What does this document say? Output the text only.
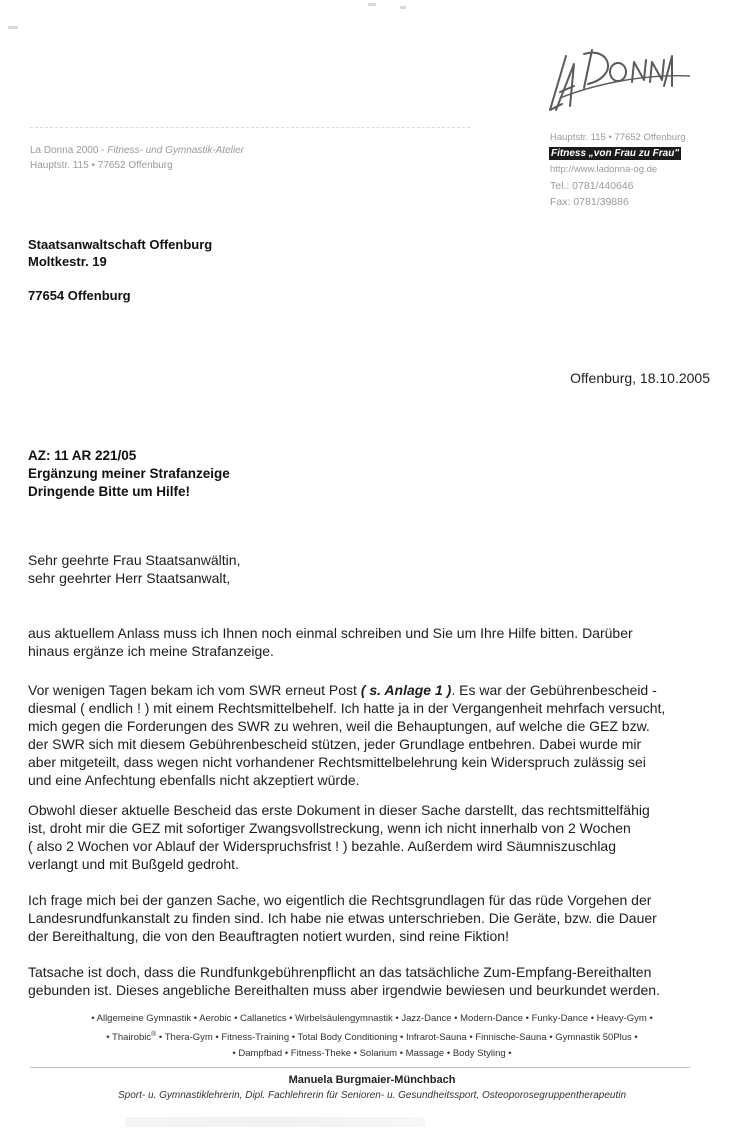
La Donna 2000 - Fitness- und Gymnastik-Atelier
Hauptstr. 115 • 77652 Offenburg
Hauptstr. 115 • 77652 Offenburg
Fitness „von Frau zu Frau"
http://www.ladonna-og.de
Tel.: 0781/440646
Fax: 0781/39886
Staatsanwaltschaft Offenburg
Moltkestr. 19
77654 Offenburg
Offenburg, 18.10.2005
AZ: 11 AR 221/05
Ergänzung meiner Strafanzeige
Dringende Bitte um Hilfe!
Sehr geehrte Frau Staatsanwältin,
sehr geehrter Herr Staatsanwalt,
aus aktuellem Anlass muss ich Ihnen noch einmal schreiben und Sie um Ihre Hilfe bitten. Darüber
hinaus ergänze ich meine Strafanzeige.
Vor wenigen Tagen bekam ich vom SWR erneut Post ( s. Anlage 1 ). Es war der Gebührenbescheid -
diesmal ( endlich ! ) mit einem Rechtsmittelbehelf. Ich hatte ja in der Vergangenheit mehrfach versucht,
mich gegen die Forderungen des SWR zu wehren, weil die Behauptungen, auf welche die GEZ bzw.
der SWR sich mit diesem Gebührenbescheid stützen, jeder Grundlage entbehren. Dabei wurde mir
aber mitgeteilt, dass wegen nicht vorhandener Rechtsmittelbelehrung kein Widerspruch zulässig sei
und eine Anfechtung ebenfalls nicht akzeptiert würde.
Obwohl dieser aktuelle Bescheid das erste Dokument in dieser Sache darstellt, das rechtsmittelfähig
ist, droht mir die GEZ mit sofortiger Zwangsvollstreckung, wenn ich nicht innerhalb von 2 Wochen
( also 2 Wochen vor Ablauf der Widerspruchsfrist ! ) bezahle. Außerdem wird Säumniszuschlag
verlangt und mit Bußgeld gedroht.
Ich frage mich bei der ganzen Sache, wo eigentlich die Rechtsgrundlagen für das rüde Vorgehen der
Landesrundfunkanstalt zu finden sind. Ich habe nie etwas unterschrieben. Die Geräte, bzw. die Dauer
der Bereithaltung, die von den Beauftragten notiert wurden, sind reine Fiktion!
Tatsache ist doch, dass die Rundfunkgebührenpflicht an das tatsächliche Zum-Empfang-Bereithalten
gebunden ist. Dieses angebliche Bereithalten muss aber irgendwie bewiesen und beurkundet werden.
• Allgemeine Gymnastik • Aerobic • Callanetics • Wirbelsäulengymnastik • Jazz-Dance • Modern-Dance • Funky-Dance • Heavy-Gym •
• Thairobic® • Thera-Gym • Fitness-Training • Total Body Conditioning • Infrarot-Sauna • Finnische-Sauna • Gymnastik 50Plus •
• Dampfbad • Fitness-Theke • Solarium • Massage • Body Styling •
Manuela Burgmaier-Münchbach
Sport- u. Gymnastiklehrerin, Dipl. Fachlehrerin für Senioren- u. Gesundheitssport, Osteoporosegruppentherapeutin
